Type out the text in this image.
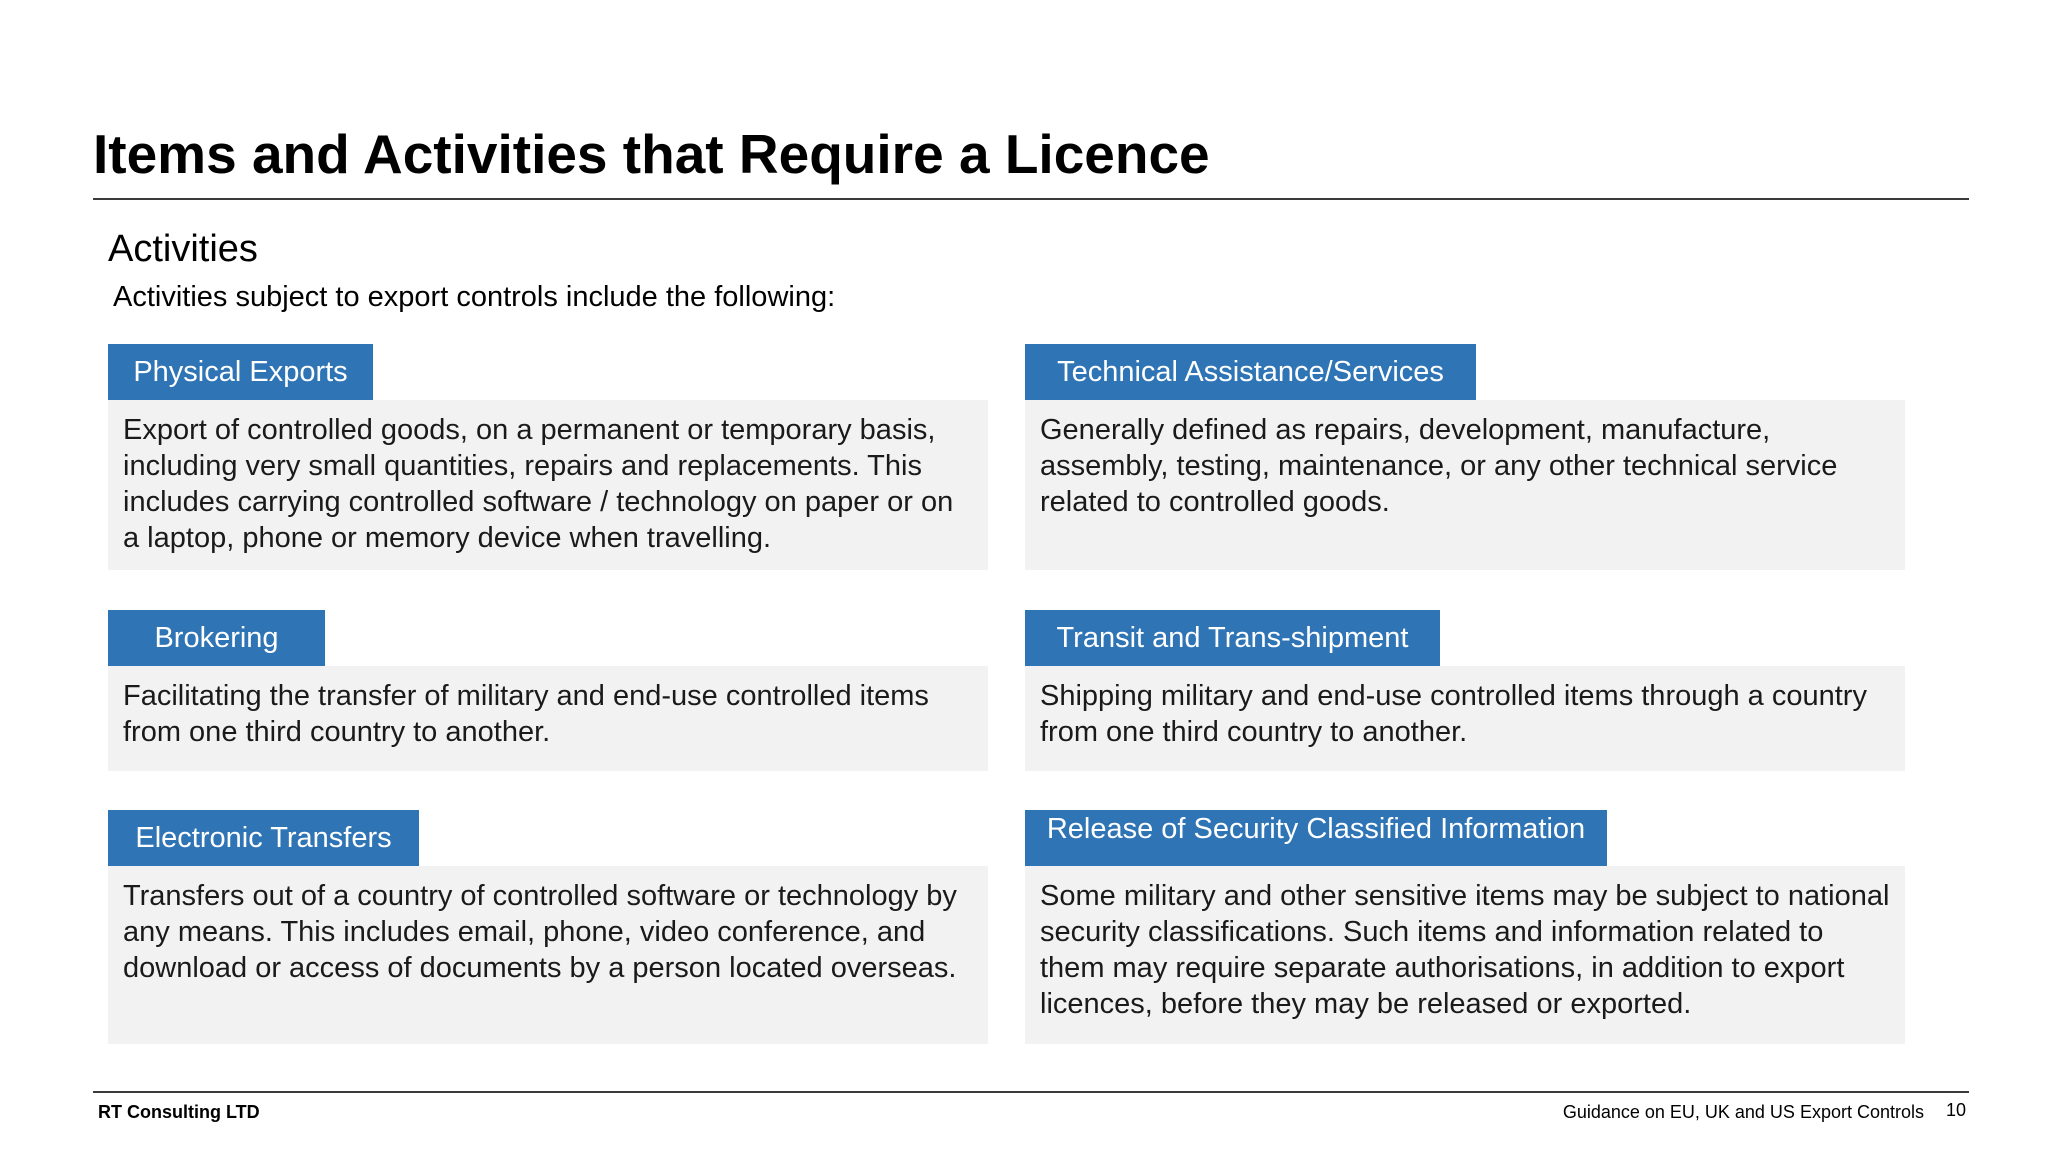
Items and Activities that Require a Licence
Activities
Activities subject to export controls include the following:
Physical Exports
Export of controlled goods, on a permanent or temporary basis, including very small quantities, repairs and replacements. This includes carrying controlled software / technology on paper or on a laptop, phone or memory device when travelling.
Technical Assistance/Services
Generally defined as repairs, development, manufacture, assembly, testing, maintenance, or any other technical service related to controlled goods.
Brokering
Facilitating the transfer of military and end-use controlled items from one third country to another.
Transit and Trans-shipment
Shipping military and end-use controlled items through a country from one third country to another.
Electronic Transfers
Transfers out of a country of controlled software or technology by any means. This includes email, phone, video conference, and download or access of documents by a person located overseas.
Release of Security Classified Information
Some military and other sensitive items may be subject to national security classifications. Such items and information related to them may require separate authorisations, in addition to export licences, before they may be released or exported.
RT Consulting LTD	Guidance on EU, UK and US Export Controls 10
